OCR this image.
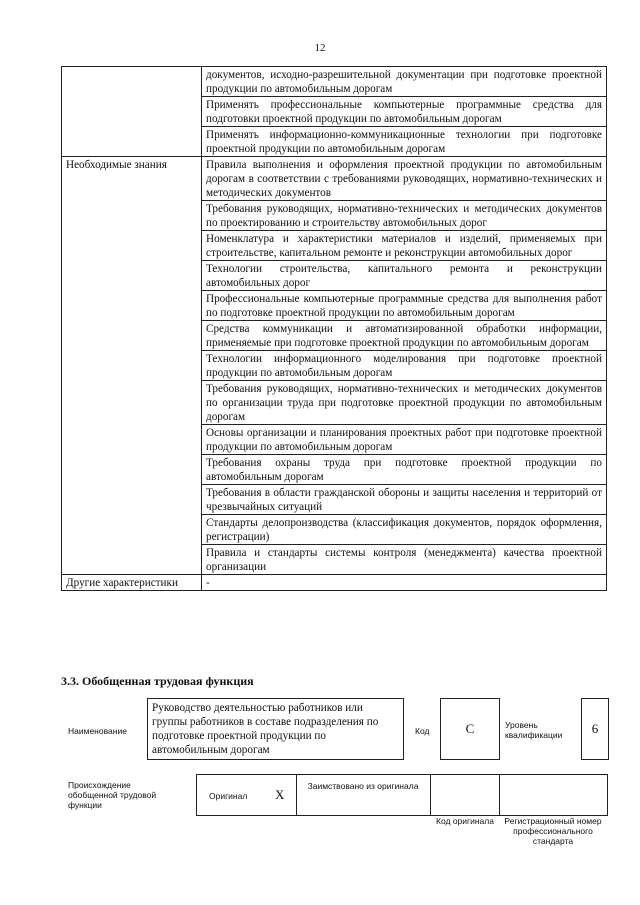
12
	документов, исходно-разрешительной документации при подготовке проектной продукции по автомобильным дорогам
	Применять профессиональные компьютерные программные средства для подготовки проектной продукции по автомобильным дорогам
	Применять информационно-коммуникационные технологии при подготовке проектной продукции по автомобильным дорогам
Необходимые знания	Правила выполнения и оформления проектной продукции по автомобильным дорогам в соответствии с требованиями руководящих, нормативно-технических и методических документов
	Требования руководящих, нормативно-технических и методических документов по проектированию и строительству автомобильных дорог
	Номенклатура и характеристики материалов и изделий, применяемых при строительстве, капитальном ремонте и реконструкции автомобильных дорог
	Технологии строительства, капитального ремонта и реконструкции автомобильных дорог
	Профессиональные компьютерные программные средства для выполнения работ по подготовке проектной продукции по автомобильным дорогам
	Средства коммуникации и автоматизированной обработки информации, применяемые при подготовке проектной продукции по автомобильным дорогам
	Технологии информационного моделирования при подготовке проектной продукции по автомобильным дорогам
	Требования руководящих, нормативно-технических и методических документов по организации труда при подготовке проектной продукции по автомобильным дорогам
	Основы организации и планирования проектных работ при подготовке проектной продукции по автомобильным дорогам
	Требования охраны труда при подготовке проектной продукции по автомобильным дорогам
	Требования в области гражданской обороны и защиты населения и территорий от чрезвычайных ситуаций
	Стандарты делопроизводства (классификация документов, порядок оформления, регистрации)
	Правила и стандарты системы контроля (менеджмента) качества проектной организации
Другие характеристики	-
3.3. Обобщенная трудовая функция
Наименование
Руководство деятельностью работников или группы работников в составе подразделения по подготовке проектной продукции по автомобильным дорогам
Код	C	Уровень квалификации	6
Происхождение обобщенной трудовой функции
Оригинал X
Заимствовано из оригинала
Код оригинала	Регистрационный номер профессионального стандарта
